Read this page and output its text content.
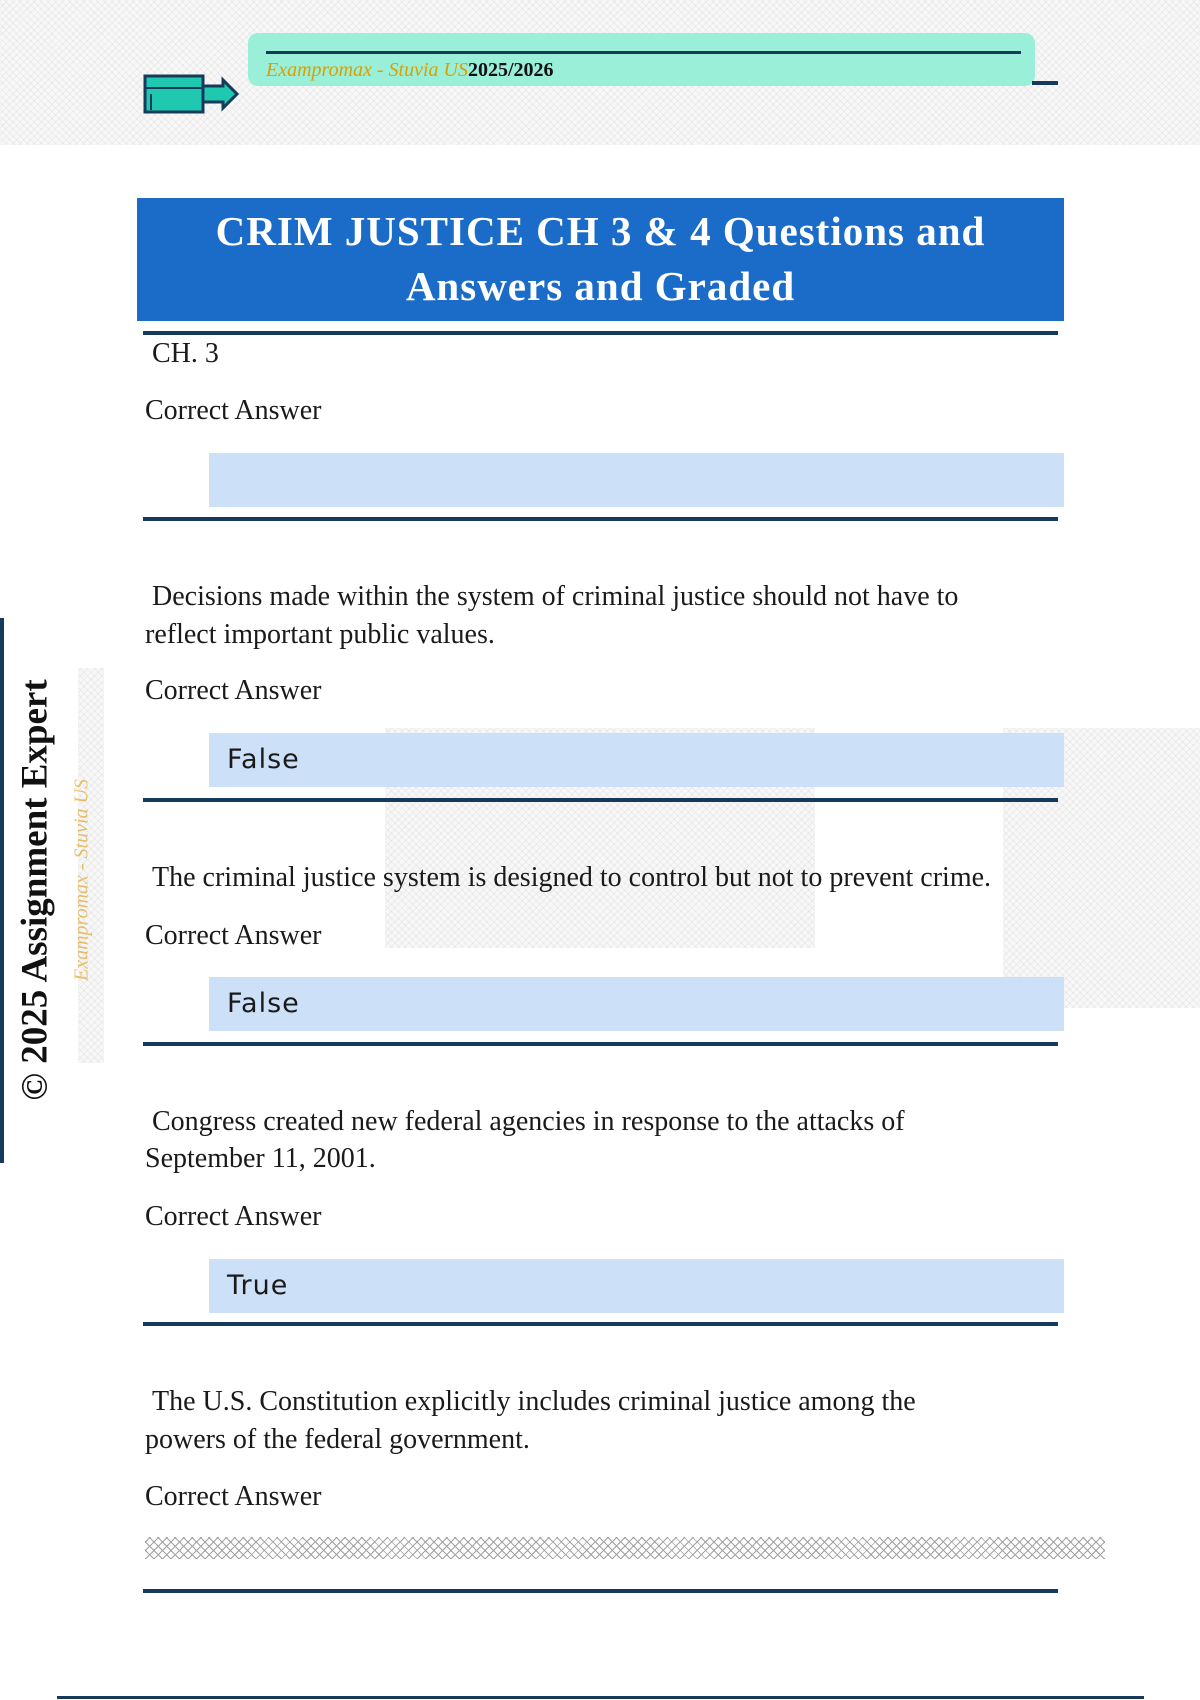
Exampromax - Stuvia US2025/2026
CRIM JUSTICE CH 3 & 4 Questions and
Answers and Graded
© 2025 Assignment Expert Exampromax - Stuvia US
CH. 3
Correct Answer
Decisions made within the system of criminal justice should not have to
reflect important public values.
Correct Answer
False
The criminal justice system is designed to control but not to prevent crime.
Correct Answer
False
Congress created new federal agencies in response to the attacks of
September 11, 2001.
Correct Answer
True
The U.S. Constitution explicitly includes criminal justice among the
powers of the federal government.
Correct Answer
